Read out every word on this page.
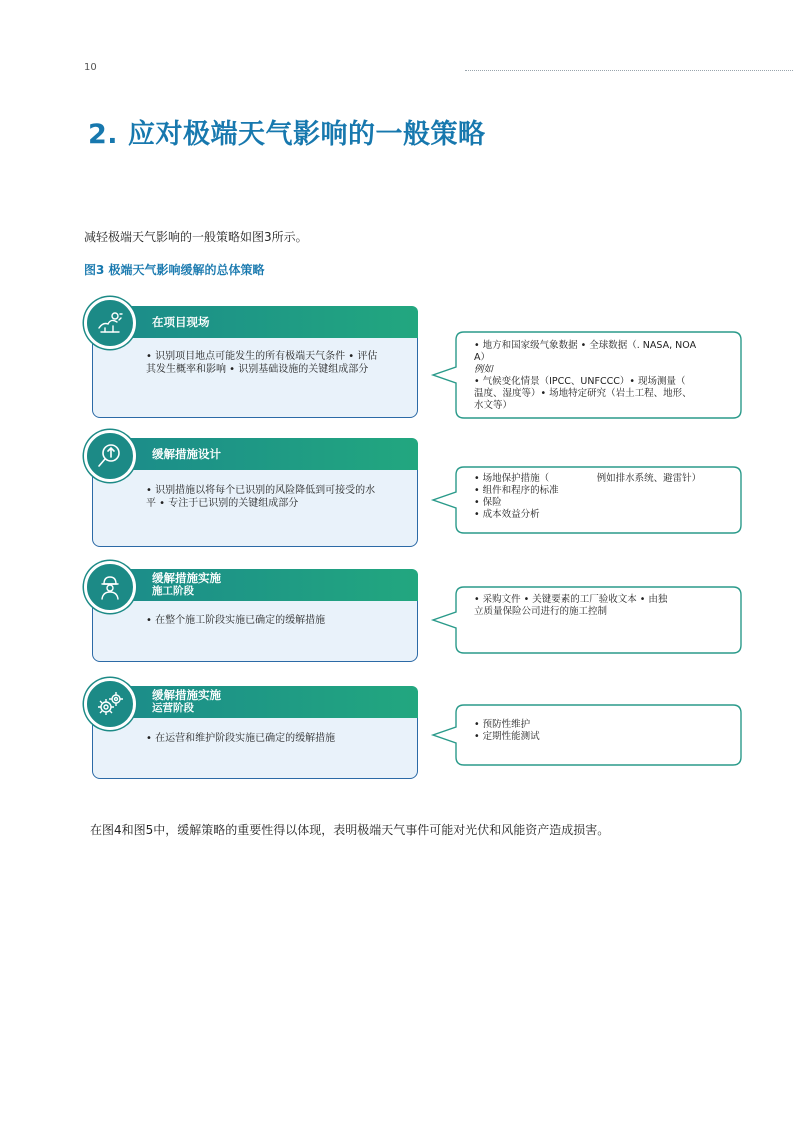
10
2. 应对极端天气影响的一般策略
减轻极端天气影响的一般策略如图3所示。
图3 极端天气影响缓解的总体策略
在项目现场
• 识别项目地点可能发生的所有极端天气条件 • 评估
其发生概率和影响 • 识别基础设施的关键组成部分
• 地方和国家级气象数据 • 全球数据（. NASA, NOA
A）
例如
• 气候变化情景（IPCC、UNFCCC）• 现场测量（
温度、湿度等）• 场地特定研究（岩土工程、地形、
水文等）
缓解措施设计
• 识别措施以将每个已识别的风险降低到可接受的水
平 • 专注于已识别的关键组成部分
• 场地保护措施（　　　　　例如排水系统、避雷针）
• 组件和程序的标准
• 保险
• 成本效益分析
缓解措施实施
施工阶段
• 在整个施工阶段实施已确定的缓解措施
• 采购文件 • 关键要素的工厂验收文本 • 由独
立质量保险公司进行的施工控制
缓解措施实施
运营阶段
• 在运营和维护阶段实施已确定的缓解措施
• 预防性维护
• 定期性能测试
在图4和图5中，缓解策略的重要性得以体现，表明极端天气事件可能对光伏和风能资产造成损害。
